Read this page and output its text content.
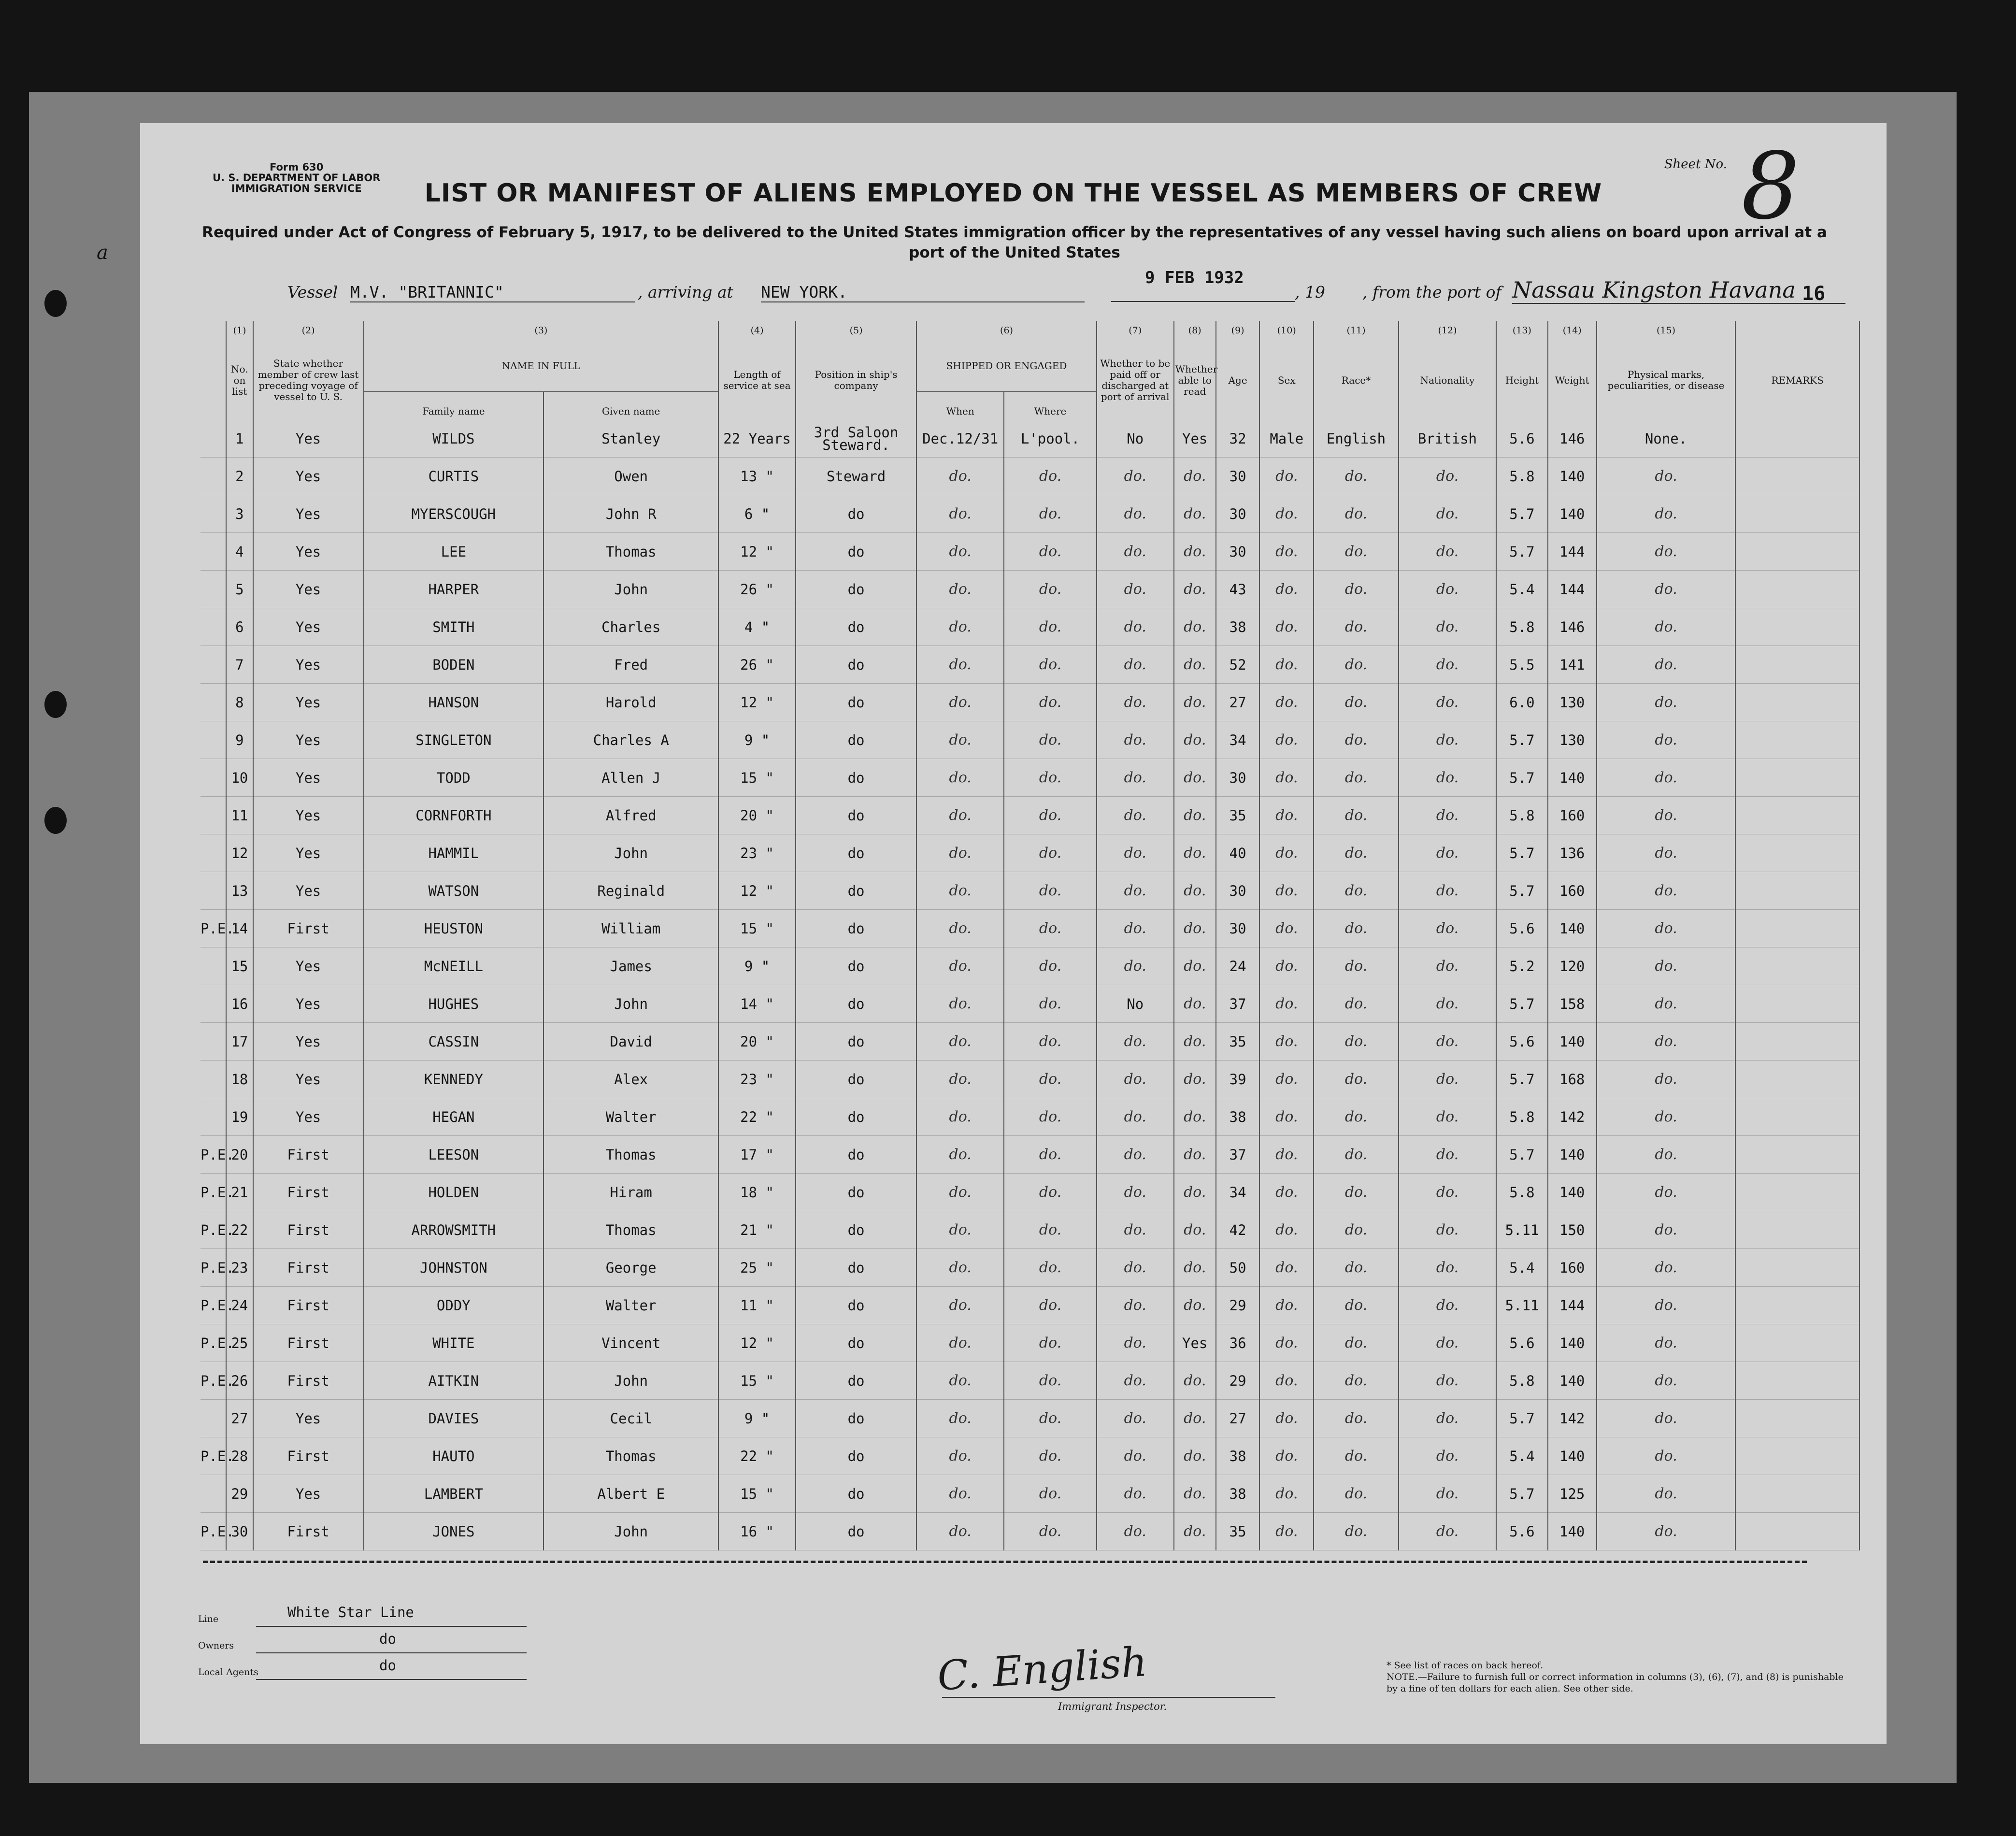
a
Form 630
U. S. DEPARTMENT OF LABOR
IMMIGRATION SERVICE
Sheet No. 8
LIST OR MANIFEST OF ALIENS EMPLOYED ON THE VESSEL AS MEMBERS OF CREW
Required under Act of Congress of February 5, 1917, to be delivered to the United States immigration officer by the representatives of any vessel having such aliens on board upon arrival at a port of the United States
Vessel M.V. "BRITANNIC"	, arriving at NEW YORK.
9 FEB 1932
, 19 , from the port of Nassau Kingston Havana 16
	(1)	(2)	(3)		(4)	(5)	(6)		(7)	(8)	(9)	(10)	(11)	(12)	(13)	(14)	(15)	
	No. on list	State whether member of crew last preceding voyage of vessel to U. S.	NAME IN FULL		Length of service at sea	Position in ship's company	SHIPPED OR ENGAGED		Whether to be paid off or discharged at port of arrival	Whether able to read	Age	Sex	Race*	Nationality	Height	Weight	Physical marks, peculiarities, or disease	REMARKS
			Family name	Given name			When	Where										
	1	Yes	WILDS	Stanley	22 Years	3rd Saloon Steward.	Dec.12/31	L'pool.	No	Yes	32	Male	English	British	5.6	146	None.	
	2	Yes	CURTIS	Owen	13 "	Steward	do.	do.	do.	do.	30	do.	do.	do.	5.8	140	do.	
	3	Yes	MYERSCOUGH	John R	6 "	do	do.	do.	do.	do.	30	do.	do.	do.	5.7	140	do.	
	4	Yes	LEE	Thomas	12 "	do	do.	do.	do.	do.	30	do.	do.	do.	5.7	144	do.	
	5	Yes	HARPER	John	26 "	do	do.	do.	do.	do.	43	do.	do.	do.	5.4	144	do.	
	6	Yes	SMITH	Charles	4 "	do	do.	do.	do.	do.	38	do.	do.	do.	5.8	146	do.	
	7	Yes	BODEN	Fred	26 "	do	do.	do.	do.	do.	52	do.	do.	do.	5.5	141	do.	
	8	Yes	HANSON	Harold	12 "	do	do.	do.	do.	do.	27	do.	do.	do.	6.0	130	do.	
	9	Yes	SINGLETON	Charles A	9 "	do	do.	do.	do.	do.	34	do.	do.	do.	5.7	130	do.	
	10	Yes	TODD	Allen J	15 "	do	do.	do.	do.	do.	30	do.	do.	do.	5.7	140	do.	
	11	Yes	CORNFORTH	Alfred	20 "	do	do.	do.	do.	do.	35	do.	do.	do.	5.8	160	do.	
	12	Yes	HAMMIL	John	23 "	do	do.	do.	do.	do.	40	do.	do.	do.	5.7	136	do.	
	13	Yes	WATSON	Reginald	12 "	do	do.	do.	do.	do.	30	do.	do.	do.	5.7	160	do.	
P.E.	14	First	HEUSTON	William	15 "	do	do.	do.	do.	do.	30	do.	do.	do.	5.6	140	do.	
	15	Yes	McNEILL	James	9 "	do	do.	do.	do.	do.	24	do.	do.	do.	5.2	120	do.	
	16	Yes	HUGHES	John	14 "	do	do.	do.	No	do.	37	do.	do.	do.	5.7	158	do.	
	17	Yes	CASSIN	David	20 "	do	do.	do.	do.	do.	35	do.	do.	do.	5.6	140	do.	
	18	Yes	KENNEDY	Alex	23 "	do	do.	do.	do.	do.	39	do.	do.	do.	5.7	168	do.	
	19	Yes	HEGAN	Walter	22 "	do	do.	do.	do.	do.	38	do.	do.	do.	5.8	142	do.	
P.E.	20	First	LEESON	Thomas	17 "	do	do.	do.	do.	do.	37	do.	do.	do.	5.7	140	do.	
P.E.	21	First	HOLDEN	Hiram	18 "	do	do.	do.	do.	do.	34	do.	do.	do.	5.8	140	do.	
P.E.	22	First	ARROWSMITH	Thomas	21 "	do	do.	do.	do.	do.	42	do.	do.	do.	5.11	150	do.	
P.E.	23	First	JOHNSTON	George	25 "	do	do.	do.	do.	do.	50	do.	do.	do.	5.4	160	do.	
P.E.	24	First	ODDY	Walter	11 "	do	do.	do.	do.	do.	29	do.	do.	do.	5.11	144	do.	
P.E.	25	First	WHITE	Vincent	12 "	do	do.	do.	do.	Yes	36	do.	do.	do.	5.6	140	do.	
P.E.	26	First	AITKIN	John	15 "	do	do.	do.	do.	do.	29	do.	do.	do.	5.8	140	do.	
	27	Yes	DAVIES	Cecil	9 "	do	do.	do.	do.	do.	27	do.	do.	do.	5.7	142	do.	
P.E.	28	First	HAUTO	Thomas	22 "	do	do.	do.	do.	do.	38	do.	do.	do.	5.4	140	do.	
	29	Yes	LAMBERT	Albert E	15 "	do	do.	do.	do.	do.	38	do.	do.	do.	5.7	125	do.	
P.E.	30	First	JONES	John	16 "	do	do.	do.	do.	do.	35	do.	do.	do.	5.6	140	do.	
Line	White Star Line
Owners	do
Local Agents	do	C. English
Immigrant Inspector.
* See list of races on back hereof.
NOTE.—Failure to furnish full or correct information in columns (3), (6), (7), and (8) is punishable by a fine of ten dollars for each alien. See other side.
